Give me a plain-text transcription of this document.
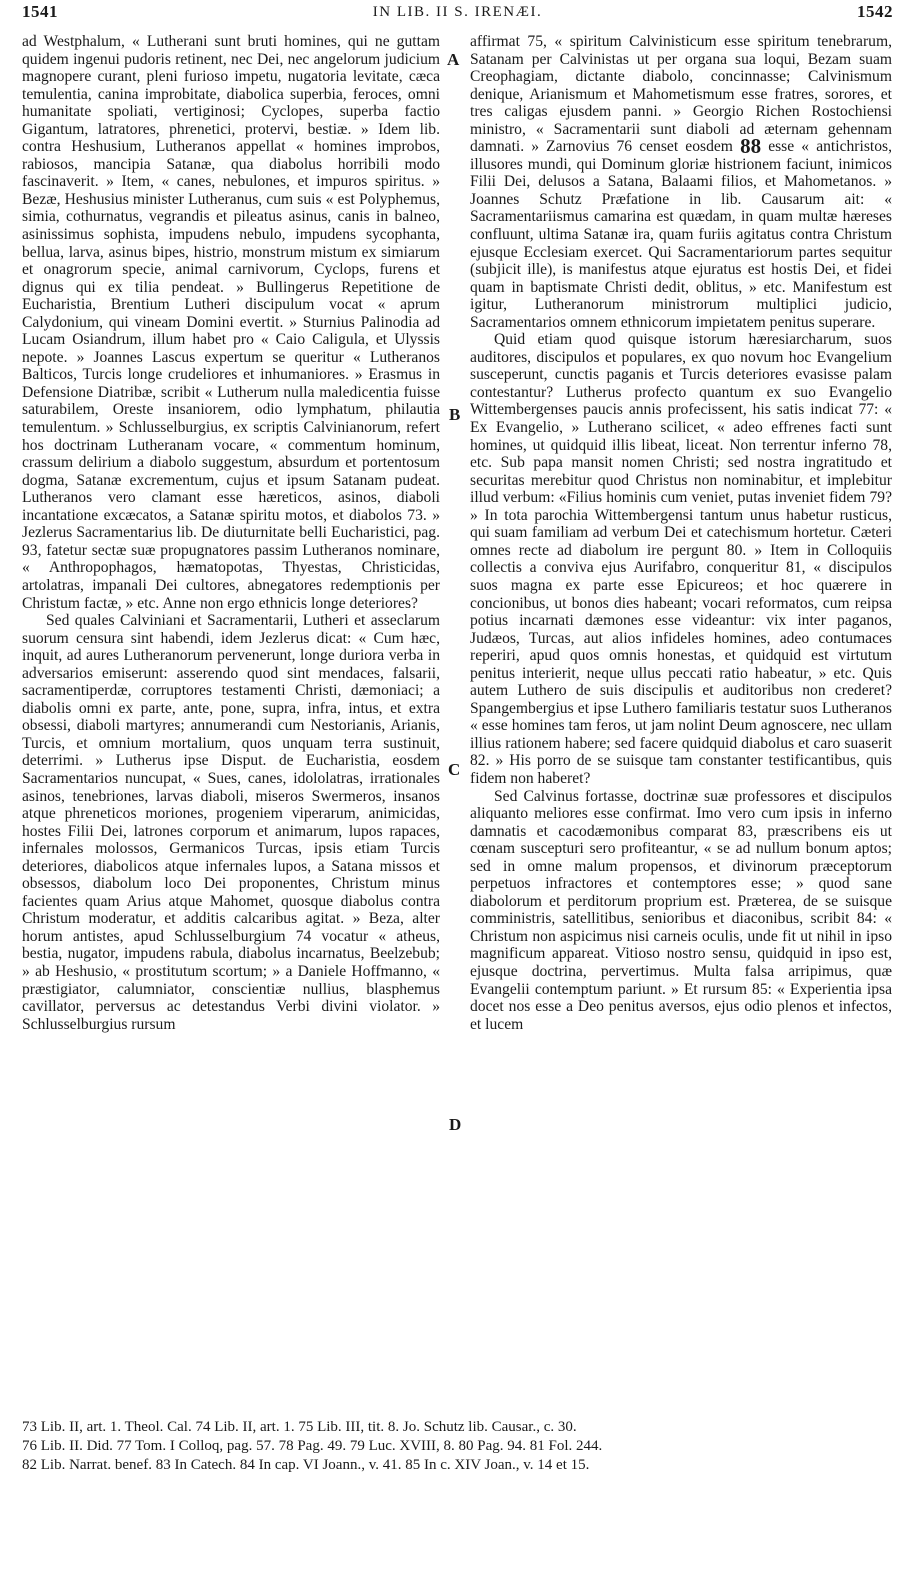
1541	IN LIB. II S. IRENÆI.	1542

ad Westphalum, « Lutherani sunt bruti homines, qui ne guttam quidem ingenui pudoris retinent, nec Dei, nec angelorum judicium magnopere curant, pleni furioso impetu, nugatoria levitate, cæca temulentia, canina improbitate, diabolica superbia, feroces, omni humanitate spoliati, vertiginosi; Cyclopes, superba factio Gigantum, latratores, phrenetici, protervi, bestiæ. » Idem lib. contra Heshusium, Lutheranos appellat « homines improbos, rabiosos, mancipia Satanæ, qua diabolus horribili modo fascinaverit. » Item, « canes, nebulones, et impuros spiritus. » Bezæ, Heshusius minister Lutheranus, cum suis « est Polyphemus, simia, cothurnatus, vegrandis et pileatus asinus, canis in balneo, asinissimus sophista, impudens nebulo, impudens sycophanta, bellua, larva, asinus bipes, histrio, monstrum mistum ex simiarum et onagrorum specie, animal carnivorum, Cyclops, furens et dignus qui ex tilia pendeat. » Bullingerus Repetitione de Eucharistia, Brentium Lutheri discipulum vocat « aprum Calydonium, qui vineam Domini evertit. » Sturnius Palinodia ad Lucam Osiandrum, illum habet pro « Caio Caligula, et Ulyssis nepote. » Joannes Lascus expertum se queritur « Lutheranos Balticos, Turcis longe crudeliores et inhumaniores. » Erasmus in Defensione Diatribæ, scribit « Lutherum nulla maledicentia fuisse saturabilem, Oreste insaniorem, odio lymphatum, philautia temulentum. » Schlusselburgius, ex scriptis Calvinianorum, refert hos doctrinam Lutheranam vocare, « commentum hominum, crassum delirium a diabolo suggestum, absurdum et portentosum dogma, Satanæ excrementum, cujus et ipsum Satanam pudeat. Lutheranos vero clamant esse hæreticos, asinos, diaboli incantatione excæcatos, a Satanæ spiritu motos, et diabolos 73. » Jezlerus Sacramentarius lib. De diuturnitate belli Eucharistici, pag. 93, fatetur sectæ suæ propugnatores passim Lutheranos nominare, « Anthropophagos, hæmatopotas, Thyestas, Christicidas, artolatras, impanali Dei cultores, abnegatores redemptionis per Christum factæ, » etc. Anne non ergo ethnicis longe deteriores?

Sed quales Calviniani et Sacramentarii, Lutheri et asseclarum suorum censura sint habendi, idem Jezlerus dicat: « Cum hæc, inquit, ad aures Lutheranorum pervenerunt, longe duriora verba in adversarios emiserunt: asserendo quod sint mendaces, falsarii, sacramentiperdæ, corruptores testamenti Christi, dæmoniaci; a diabolis omni ex parte, ante, pone, supra, infra, intus, et extra obsessi, diaboli martyres; annumerandi cum Nestorianis, Arianis, Turcis, et omnium mortalium, quos unquam terra sustinuit, deterrimi. » Lutherus ipse Disput. de Eucharistia, eosdem Sacramentarios nuncupat, « Sues, canes, idololatras, irrationales asinos, tenebriones, larvas diaboli, miseros Swermeros, insanos atque phreneticos moriones, progeniem viperarum, animicidas, hostes Filii Dei, latrones corporum et animarum, lupos rapaces, infernales molossos, Germanicos Turcas, ipsis etiam Turcis deteriores, diabolicos atque infernales lupos, a Satana missos et obsessos, diabolum loco Dei proponentes, Christum minus facientes quam Arius atque Mahomet, quosque diabolus contra Christum moderatur, et additis calcaribus agitat. » Beza, alter horum antistes, apud Schlusselburgium 74 vocatur « atheus, bestia, nugator, impudens rabula, diabolus incarnatus, Beelzebub; » ab Heshusio, « prostitutum scortum; » a Daniele Hoffmanno, « præstigiator, calumniator, conscientiæ nullius, blasphemus cavillator, perversus ac detestandus Verbi divini violator. » Schlusselburgius rursum

A
B
C
D

affirmat 75, « spiritum Calvinisticum esse spiritum tenebrarum, Satanam per Calvinistas ut per organa sua loqui, Bezam suam Creophagiam, dictante diabolo, concinnasse; Calvinismum denique, Arianismum et Mahometismum esse fratres, sorores, et tres caligas ejusdem panni. » Georgio Richen Rostochiensi ministro, « Sacramentarii sunt diaboli ad æternam gehennam damnati. » Zarnovius 76 censet eosdem 88 esse « antichristos, illusores mundi, qui Dominum gloriæ histrionem faciunt, inimicos Filii Dei, delusos a Satana, Balaami filios, et Mahometanos. » Joannes Schutz Præfatione in lib. Causarum ait: « Sacramentariismus camarina est quædam, in quam multæ hæreses confluunt, ultima Satanæ ira, quam furiis agitatus contra Christum ejusque Ecclesiam exercet. Qui Sacramentariorum partes sequitur (subjicit ille), is manifestus atque ejuratus est hostis Dei, et fidei quam in baptismate Christi dedit, oblitus, » etc. Manifestum est igitur, Lutheranorum ministrorum multiplici judicio, Sacramentarios omnem ethnicorum impietatem penitus superare.

Quid etiam quod quisque istorum hæresiarcharum, suos auditores, discipulos et populares, ex quo novum hoc Evangelium susceperunt, cunctis paganis et Turcis deteriores evasisse palam contestantur? Lutherus profecto quantum ex suo Evangelio Wittembergenses paucis annis profecissent, his satis indicat 77: « Ex Evangelio, » Lutherano scilicet, « adeo effrenes facti sunt homines, ut quidquid illis libeat, liceat. Non terrentur inferno 78, etc. Sub papa mansit nomen Christi; sed nostra ingratitudo et securitas merebitur quod Christus non nominabitur, et implebitur illud verbum: «Filius hominis cum veniet, putas inveniet fidem 79? » In tota parochia Wittembergensi tantum unus habetur rusticus, qui suam familiam ad verbum Dei et catechismum hortetur. Cæteri omnes recte ad diabolum ire pergunt 80. » Item in Colloquiis collectis a conviva ejus Aurifabro, conqueritur 81, « discipulos suos magna ex parte esse Epicureos; et hoc quærere in concionibus, ut bonos dies habeant; vocari reformatos, cum reipsa potius incarnati dæmones esse videantur: vix inter paganos, Judæos, Turcas, aut alios infideles homines, adeo contumaces reperiri, apud quos omnis honestas, et quidquid est virtutum penitus interierit, neque ullus peccati ratio habeatur, » etc. Quis autem Luthero de suis discipulis et auditoribus non crederet? Spangembergius et ipse Luthero familiaris testatur suos Lutheranos « esse homines tam feros, ut jam nolint Deum agnoscere, nec ullam illius rationem habere; sed facere quidquid diabolus et caro suaserit 82. » His porro de se suisque tam constanter testificantibus, quis fidem non haberet?

Sed Calvinus fortasse, doctrinæ suæ professores et discipulos aliquanto meliores esse confirmat. Imo vero cum ipsis in inferno damnatis et cacodæmonibus comparat 83, præscribens eis ut cœnam suscepturi sero profiteantur, « se ad nullum bonum aptos; sed in omne malum propensos, et divinorum præceptorum perpetuos infractores et contemptores esse; » quod sane diabolorum et perditorum proprium est. Præterea, de se suisque comministris, satellitibus, senioribus et diaconibus, scribit 84: « Christum non aspicimus nisi carneis oculis, unde fit ut nihil in ipso magnificum appareat. Vitioso nostro sensu, quidquid in ipso est, ejusque doctrina, pervertimus. Multa falsa arripimus, quæ Evangelii contemptum pariunt. » Et rursum 85: « Experientia ipsa docet nos esse a Deo penitus aversos, ejus odio plenos et infectos, et lucem

73 Lib. II, art. 1. Theol. Cal. 74 Lib. II, art. 1. 75 Lib. III, tit. 8. Jo. Schutz lib. Causar., c. 30.

76 Lib. II. Did. 77 Tom. I Colloq, pag. 57. 78 Pag. 49. 79 Luc. XVIII, 8. 80 Pag. 94. 81 Fol. 244.

82 Lib. Narrat. benef. 83 In Catech. 84 In cap. VI Joann., v. 41. 85 In c. XIV Joan., v. 14 et 15.
